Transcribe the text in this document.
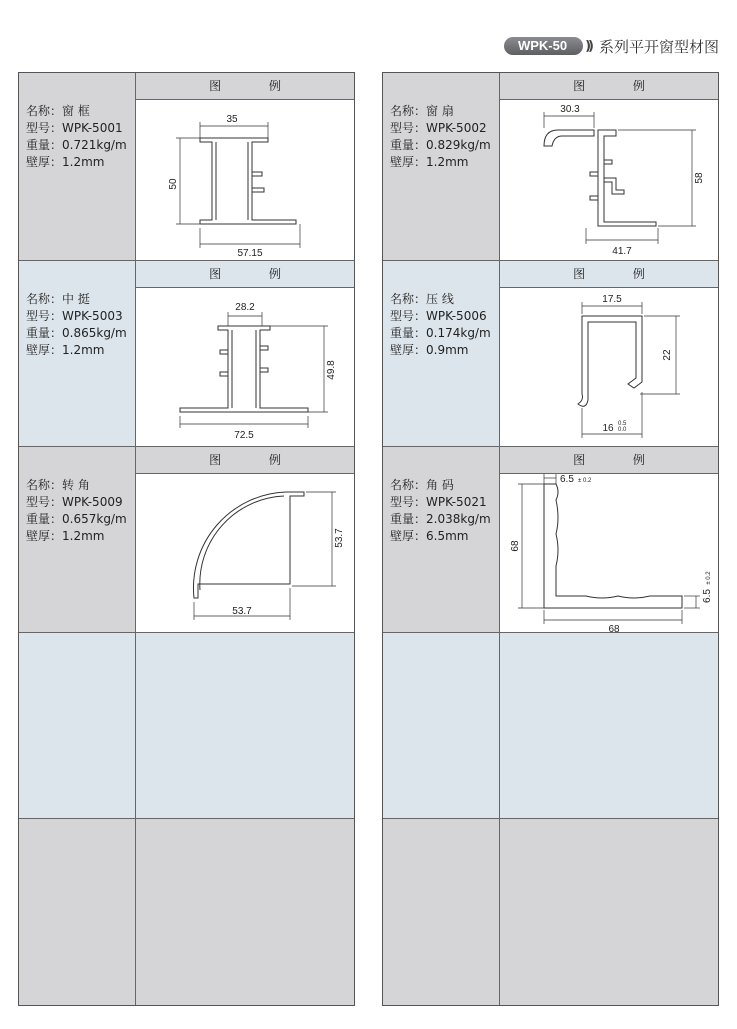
WPK-50	)) 系列平开窗型材图
名称：窗 框
型号：WPK-5001
重量：0.721kg/m
壁厚：1.2mm
图 例
35
50
57.15
名称：中 挺
型号：WPK-5003
重量：0.865kg/m
壁厚：1.2mm
图 例
28.2
49.8
72.5
名称：转 角
型号：WPK-5009
重量：0.657kg/m
壁厚：1.2mm
图 例
53.7
53.7
名称：窗 扇
型号：WPK-5002
重量：0.829kg/m
壁厚：1.2mm
图 例
30.3
58
41.7
名称：压 线
型号：WPK-5006
重量：0.174kg/m
壁厚：0.9mm
图 例
17.5
22
16 0.5
0.0
名称：角 码
型号：WPK-5021
重量：2.038kg/m
壁厚：6.5mm
图 例
6.5 ± 0.2
68
68
6.5
± 0.2
